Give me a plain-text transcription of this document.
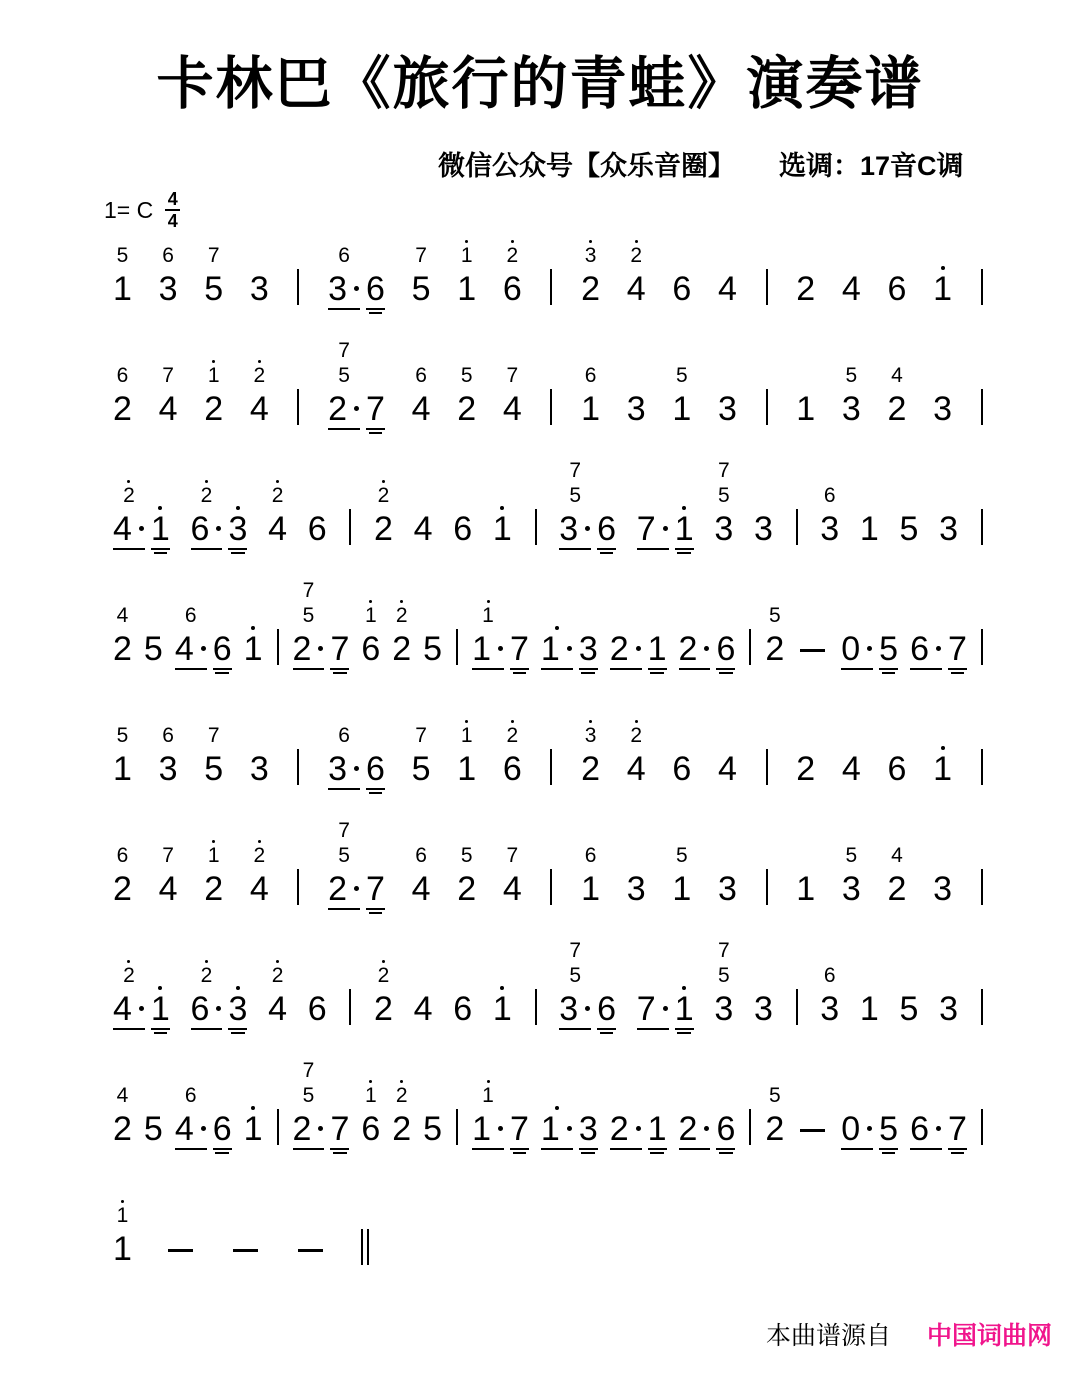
卡林巴《旅行的青蛙》演奏谱
微信公众号【众乐音圈】 选调：17音C调
1= C 4
4
5
1
6
3
7
5 3
6
3 6
7
5
1
1
2
6
3
2
2
4 6 4 2 4 6 1
6
2
7
4
1
2
2
4
7
5
2 7
6
4
5
2
7
4
6
1 3
5
1 3 1
5
3
4
2 3
2
4 1
2
6 3
2
4 6
2
2 4 6 1
7
5
3 6 7 1
7
5
3 3
6
3 1 5 3
4
2 5
6
4 6 1
7
5
2 7
1
6
2
2 5
1
1 7 1 3 2 1 2 6
5
2 0 5 6 7
5
1
6
3
7
5 3
6
3 6
7
5
1
1
2
6
3
2
2
4 6 4 2 4 6 1
6
2
7
4
1
2
2
4
7
5
2 7
6
4
5
2
7
4
6
1 3
5
1 3 1
5
3
4
2 3
2
4 1
2
6 3
2
4 6
2
2 4 6 1
7
5
3 6 7 1
7
5
3 3
6
3 1 5 3
4
2 5
6
4 6 1
7
5
2 7
1
6
2
2 5
1
1 7 1 3 2 1 2 6
5
2 0 5 6 7
1
1
本曲谱源自 中国词曲网
